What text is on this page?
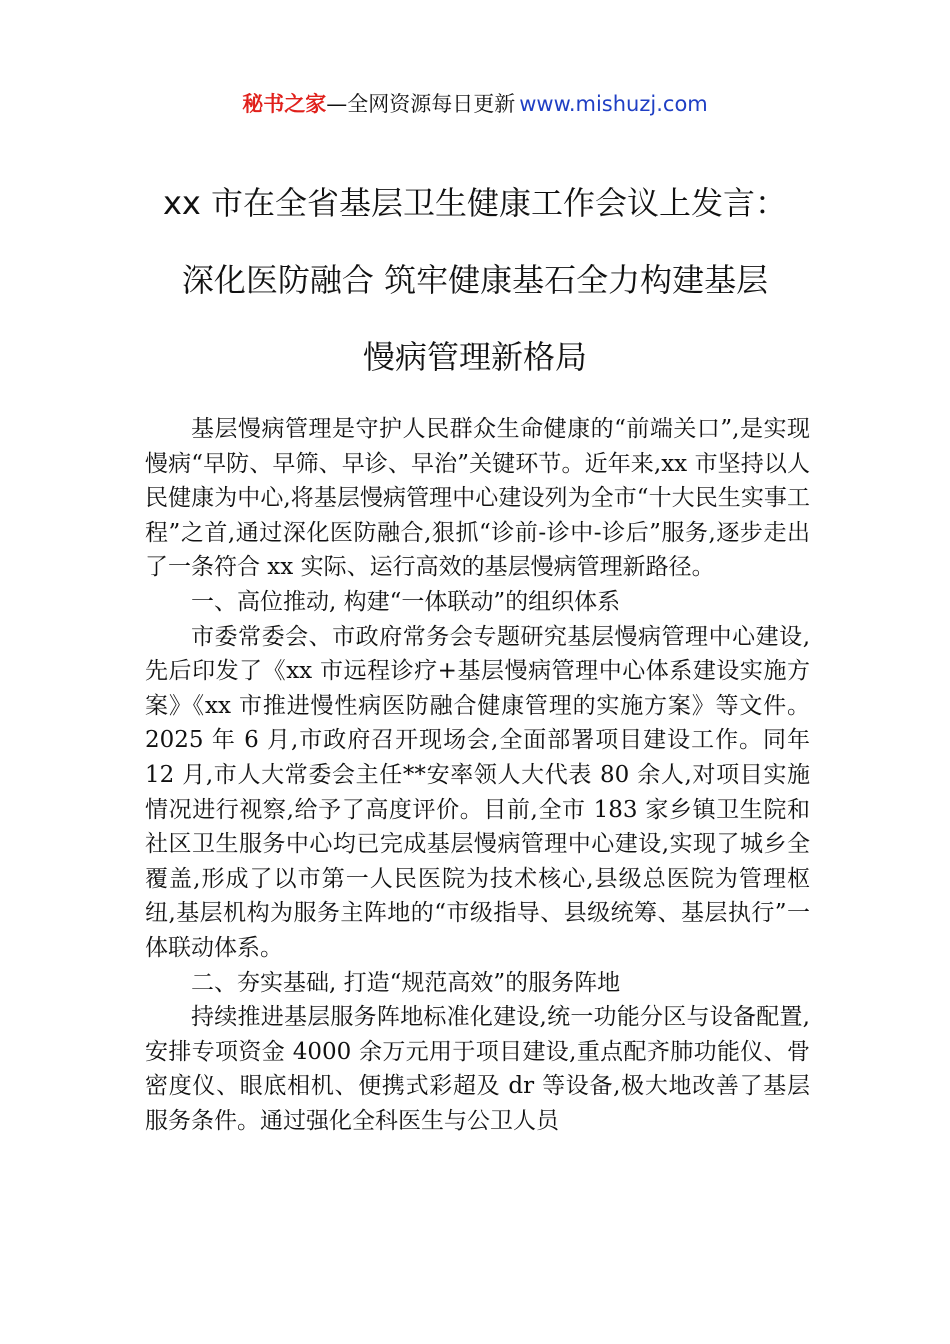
秘书之家—全网资源每日更新 www.mishuzj.com
xx 市在全省基层卫生健康工作会议上发言：
深化医防融合 筑牢健康基石全力构建基层
慢病管理新格局

基层慢病管理是守护人民群众生命健康的“前端关口”,是实现慢病“早防、早筛、早诊、早治”关键环节。近年来,xx 市坚持以人民健康为中心,将基层慢病管理中心建设列为全市“十大民生实事工程”之首,通过深化医防融合,狠抓“诊前-诊中-诊后”服务,逐步走出了一条符合 xx 实际、运行高效的基层慢病管理新路径。

一、高位推动, 构建“一体联动”的组织体系

市委常委会、市政府常务会专题研究基层慢病管理中心建设,先后印发了《xx 市远程诊疗+基层慢病管理中心体系建设实施方案》《xx 市推进慢性病医防融合健康管理的实施方案》等文件。2025 年 6 月,市政府召开现场会,全面部署项目建设工作。同年 12 月,市人大常委会主任**安率领人大代表 80 余人,对项目实施情况进行视察,给予了高度评价。目前,全市 183 家乡镇卫生院和社区卫生服务中心均已完成基层慢病管理中心建设,实现了城乡全覆盖,形成了以市第一人民医院为技术核心,县级总医院为管理枢纽,基层机构为服务主阵地的“市级指导、县级统筹、基层执行”一体联动体系。

二、夯实基础, 打造“规范高效”的服务阵地

持续推进基层服务阵地标准化建设,统一功能分区与设备配置,安排专项资金 4000 余万元用于项目建设,重点配齐肺功能仪、骨密度仪、眼底相机、便携式彩超及 dr 等设备,极大地改善了基层服务条件。通过强化全科医生与公卫人员
